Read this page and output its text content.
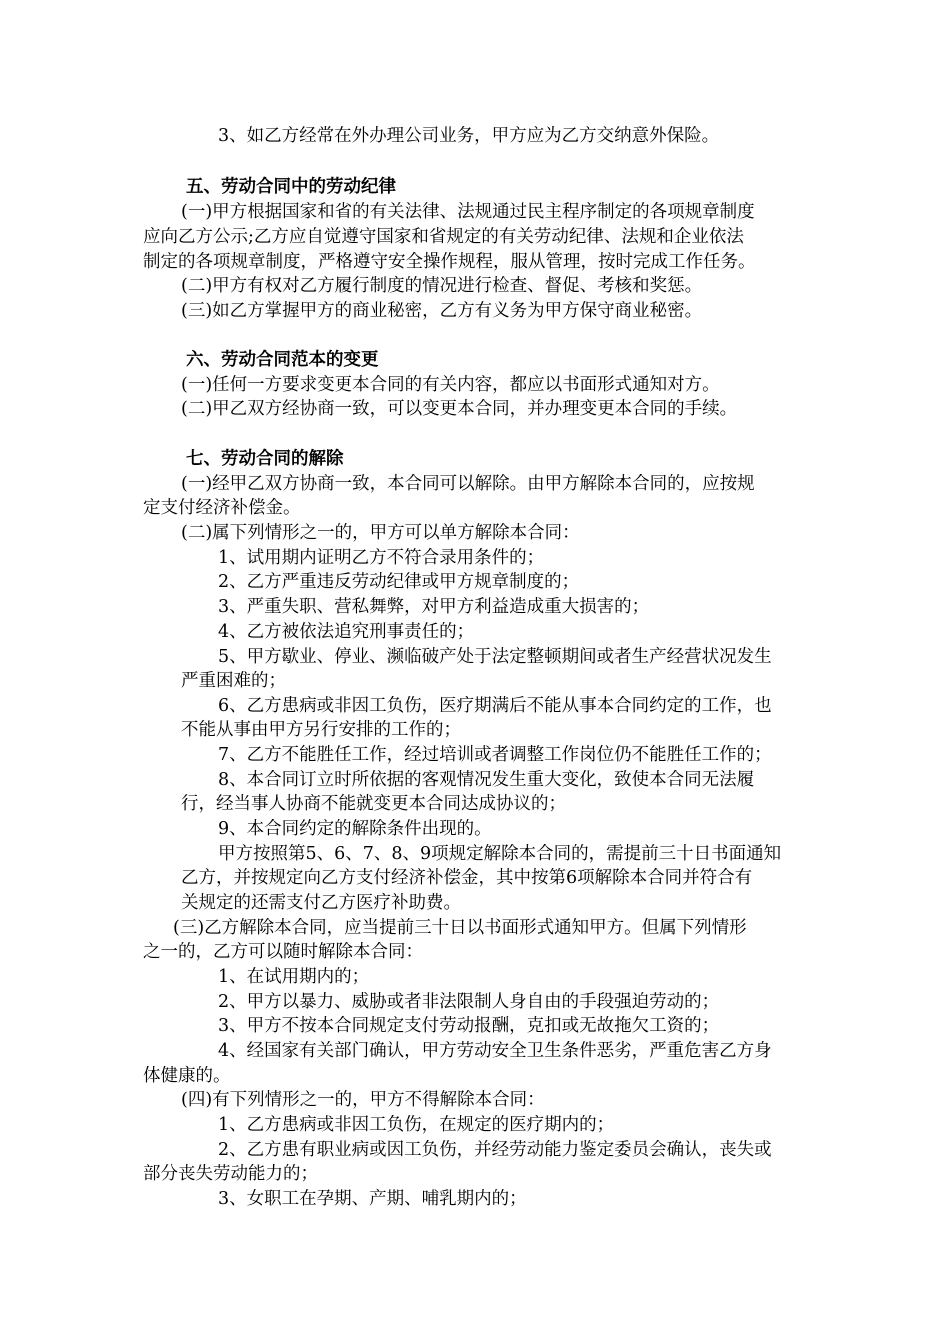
3、如乙方经常在外办理公司业务，甲方应为乙方交纳意外保险。
五、劳动合同中的劳动纪律
(一)甲方根据国家和省的有关法律、法规通过民主程序制定的各项规章制度
应向乙方公示;乙方应自觉遵守国家和省规定的有关劳动纪律、法规和企业依法
制定的各项规章制度，严格遵守安全操作规程，服从管理，按时完成工作任务。
(二)甲方有权对乙方履行制度的情况进行检查、督促、考核和奖惩。
(三)如乙方掌握甲方的商业秘密，乙方有义务为甲方保守商业秘密。
六、劳动合同范本的变更
(一)任何一方要求变更本合同的有关内容，都应以书面形式通知对方。
(二)甲乙双方经协商一致，可以变更本合同，并办理变更本合同的手续。
七、劳动合同的解除
(一)经甲乙双方协商一致，本合同可以解除。由甲方解除本合同的，应按规
定支付经济补偿金。
(二)属下列情形之一的，甲方可以单方解除本合同：
1、试用期内证明乙方不符合录用条件的；
2、乙方严重违反劳动纪律或甲方规章制度的；
3、严重失职、营私舞弊，对甲方利益造成重大损害的；
4、乙方被依法追究刑事责任的；
5、甲方歇业、停业、濒临破产处于法定整顿期间或者生产经营状况发生
严重困难的；
6、乙方患病或非因工负伤，医疗期满后不能从事本合同约定的工作，也
不能从事由甲方另行安排的工作的；
7、乙方不能胜任工作，经过培训或者调整工作岗位仍不能胜任工作的；
8、本合同订立时所依据的客观情况发生重大变化，致使本合同无法履
行，经当事人协商不能就变更本合同达成协议的；
9、本合同约定的解除条件出现的。
甲方按照第5、6、7、8、9项规定解除本合同的，需提前三十日书面通知
乙方，并按规定向乙方支付经济补偿金，其中按第6项解除本合同并符合有
关规定的还需支付乙方医疗补助费。
(三)乙方解除本合同，应当提前三十日以书面形式通知甲方。但属下列情形
之一的，乙方可以随时解除本合同：
1、在试用期内的；
2、甲方以暴力、威胁或者非法限制人身自由的手段强迫劳动的；
3、甲方不按本合同规定支付劳动报酬，克扣或无故拖欠工资的；
4、经国家有关部门确认，甲方劳动安全卫生条件恶劣，严重危害乙方身
体健康的。
(四)有下列情形之一的，甲方不得解除本合同：
1、乙方患病或非因工负伤，在规定的医疗期内的；
2、乙方患有职业病或因工负伤，并经劳动能力鉴定委员会确认，丧失或
部分丧失劳动能力的；
3、女职工在孕期、产期、哺乳期内的；
